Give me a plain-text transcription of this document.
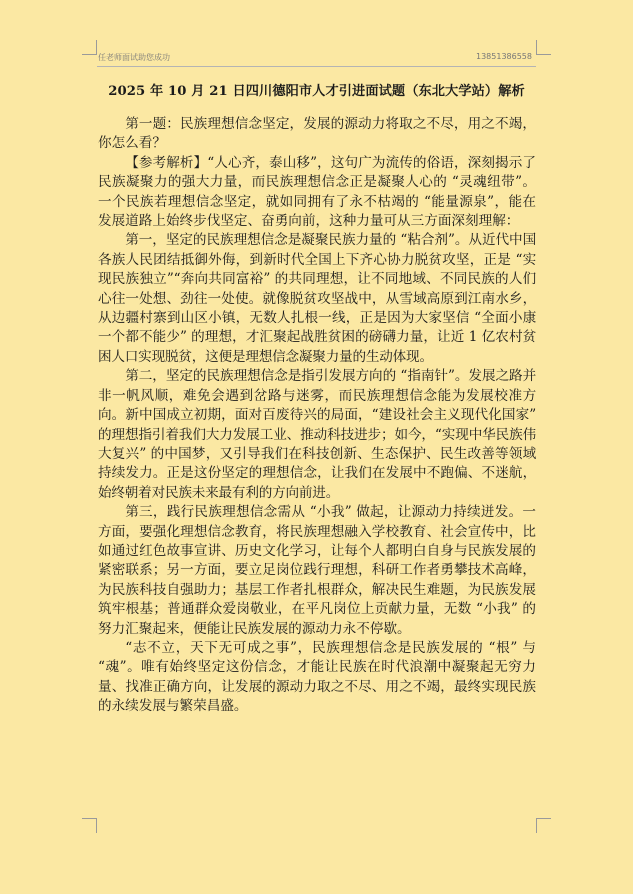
任老师面试助您成功	13851386558
2025 年 10 月 21 日四川德阳市人才引进面试题（东北大学站）解析

第一题：民族理想信念坚定，发展的源动力将取之不尽，用之不竭，你怎么看？

【参考解析】“人心齐，泰山移”，这句广为流传的俗语，深刻揭示了民族凝聚力的强大力量，而民族理想信念正是凝聚人心的 “灵魂纽带”。一个民族若理想信念坚定，就如同拥有了永不枯竭的 “能量源泉”，能在发展道路上始终步伐坚定、奋勇向前，这种力量可从三方面深刻理解：

第一，坚定的民族理想信念是凝聚民族力量的 “粘合剂”。从近代中国各族人民团结抵御外侮，到新时代全国上下齐心协力脱贫攻坚，正是 “实现民族独立”“奔向共同富裕” 的共同理想，让不同地域、不同民族的人们心往一处想、劲往一处使。就像脱贫攻坚战中，从雪域高原到江南水乡，从边疆村寨到山区小镇，无数人扎根一线，正是因为大家坚信 “全面小康一个都不能少” 的理想，才汇聚起战胜贫困的磅礴力量，让近 1 亿农村贫困人口实现脱贫，这便是理想信念凝聚力量的生动体现。

第二，坚定的民族理想信念是指引发展方向的 “指南针”。发展之路并非一帆风顺，难免会遇到岔路与迷雾，而民族理想信念能为发展校准方向。新中国成立初期，面对百废待兴的局面，“建设社会主义现代化国家” 的理想指引着我们大力发展工业、推动科技进步；如今，“实现中华民族伟大复兴” 的中国梦，又引导我们在科技创新、生态保护、民生改善等领域持续发力。正是这份坚定的理想信念，让我们在发展中不跑偏、不迷航，始终朝着对民族未来最有利的方向前进。

第三，践行民族理想信念需从 “小我” 做起，让源动力持续迸发。一方面，要强化理想信念教育，将民族理想融入学校教育、社会宣传中，比如通过红色故事宣讲、历史文化学习，让每个人都明白自身与民族发展的紧密联系；另一方面，要立足岗位践行理想，科研工作者勇攀技术高峰，为民族科技自强助力；基层工作者扎根群众，解决民生难题，为民族发展筑牢根基；普通群众爱岗敬业，在平凡岗位上贡献力量，无数 “小我” 的努力汇聚起来，便能让民族发展的源动力永不停歇。

“志不立，天下无可成之事”，民族理想信念是民族发展的 “根” 与 “魂”。唯有始终坚定这份信念，才能让民族在时代浪潮中凝聚起无穷力量、找准正确方向，让发展的源动力取之不尽、用之不竭，最终实现民族的永续发展与繁荣昌盛。
